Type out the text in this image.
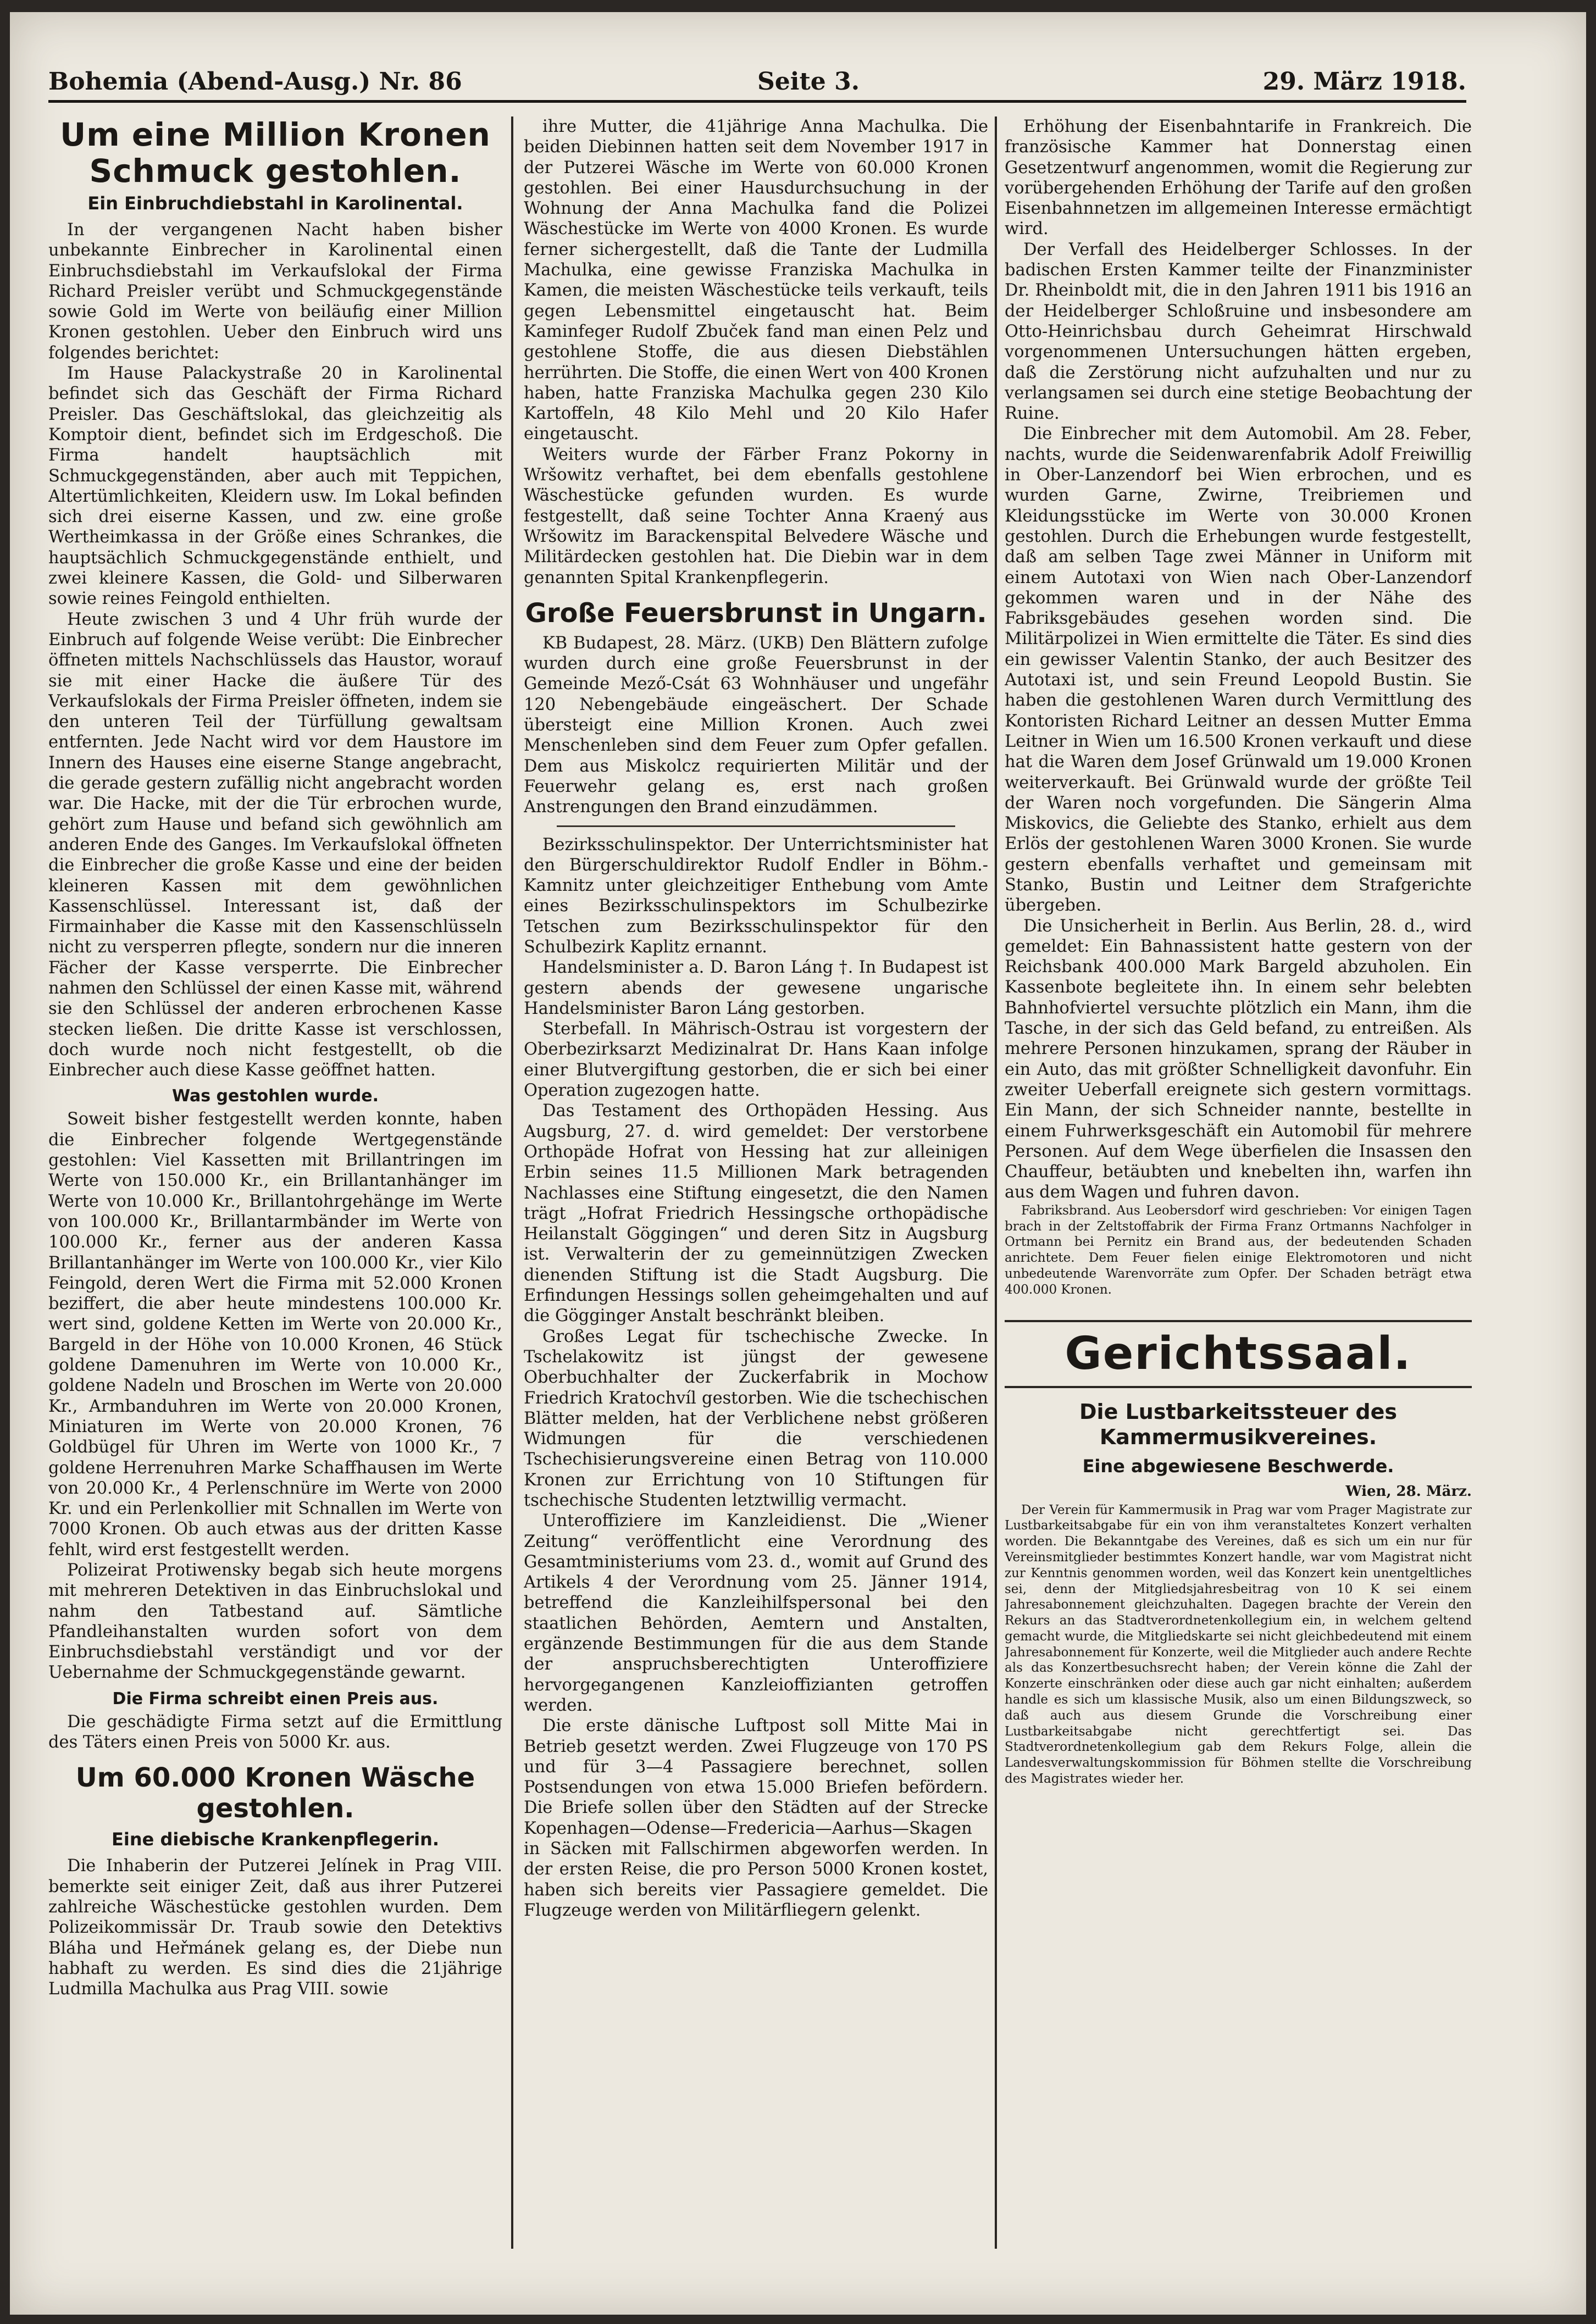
Bohemia (Abend-Ausg.) Nr. 86	Seite 3.	29. März 1918.
Um eine Million Kronen Schmuck gestohlen.
Ein Einbruchdiebstahl in Karolinental.

In der vergangenen Nacht haben bisher unbekannte Einbrecher in Karolinental einen Einbruchsdiebstahl im Verkaufslokal der Firma Richard Preisler verübt und Schmuckgegenstände sowie Gold im Werte von beiläufig einer Million Kronen gestohlen. Ueber den Einbruch wird uns folgendes berichtet:

Im Hause Palackystraße 20 in Karolinental befindet sich das Geschäft der Firma Richard Preisler. Das Geschäftslokal, das gleichzeitig als Komptoir dient, befindet sich im Erdgeschoß. Die Firma handelt hauptsächlich mit Schmuckgegenständen, aber auch mit Teppichen, Altertümlichkeiten, Kleidern usw. Im Lokal befinden sich drei eiserne Kassen, und zw. eine große Wertheimkassa in der Größe eines Schrankes, die hauptsächlich Schmuckgegenstände enthielt, und zwei kleinere Kassen, die Gold- und Silberwaren sowie reines Feingold enthielten.

Heute zwischen 3 und 4 Uhr früh wurde der Einbruch auf folgende Weise verübt: Die Einbrecher öffneten mittels Nachschlüssels das Haustor, worauf sie mit einer Hacke die äußere Tür des Verkaufslokals der Firma Preisler öffneten, indem sie den unteren Teil der Türfüllung gewaltsam entfernten. Jede Nacht wird vor dem Haustore im Innern des Hauses eine eiserne Stange angebracht, die gerade gestern zufällig nicht angebracht worden war. Die Hacke, mit der die Tür erbrochen wurde, gehört zum Hause und befand sich gewöhnlich am anderen Ende des Ganges. Im Verkaufslokal öffneten die Einbrecher die große Kasse und eine der beiden kleineren Kassen mit dem gewöhnlichen Kassenschlüssel. Interessant ist, daß der Firmainhaber die Kasse mit den Kassenschlüsseln nicht zu versperren pflegte, sondern nur die inneren Fächer der Kasse versperrte. Die Einbrecher nahmen den Schlüssel der einen Kasse mit, während sie den Schlüssel der anderen erbrochenen Kasse stecken ließen. Die dritte Kasse ist verschlossen, doch wurde noch nicht festgestellt, ob die Einbrecher auch diese Kasse geöffnet hatten.

Was gestohlen wurde.

Soweit bisher festgestellt werden konnte, haben die Einbrecher folgende Wertgegenstände gestohlen: Viel Kassetten mit Brillantringen im Werte von 150.000 Kr., ein Brillantanhänger im Werte von 10.000 Kr., Brillantohrgehänge im Werte von 100.000 Kr., Brillantarmbänder im Werte von 100.000 Kr., ferner aus der anderen Kassa Brillantanhänger im Werte von 100.000 Kr., vier Kilo Feingold, deren Wert die Firma mit 52.000 Kronen beziffert, die aber heute mindestens 100.000 Kr. wert sind, goldene Ketten im Werte von 20.000 Kr., Bargeld in der Höhe von 10.000 Kronen, 46 Stück goldene Damenuhren im Werte von 10.000 Kr., goldene Nadeln und Broschen im Werte von 20.000 Kr., Armbanduhren im Werte von 20.000 Kronen, Miniaturen im Werte von 20.000 Kronen, 76 Goldbügel für Uhren im Werte von 1000 Kr., 7 goldene Herrenuhren Marke Schaffhausen im Werte von 20.000 Kr., 4 Perlenschnüre im Werte von 2000 Kr. und ein Perlenkollier mit Schnallen im Werte von 7000 Kronen. Ob auch etwas aus der dritten Kasse fehlt, wird erst festgestellt werden.

Polizeirat Protiwensky begab sich heute morgens mit mehreren Detektiven in das Einbruchslokal und nahm den Tatbestand auf. Sämtliche Pfandleihanstalten wurden sofort von dem Einbruchsdiebstahl verständigt und vor der Uebernahme der Schmuckgegenstände gewarnt.

Die Firma schreibt einen Preis aus.

Die geschädigte Firma setzt auf die Ermittlung des Täters einen Preis von 5000 Kr. aus.

Um 60.000 Kronen Wäsche gestohlen.
Eine diebische Krankenpflegerin.

Die Inhaberin der Putzerei Jelínek in Prag VIII. bemerkte seit einiger Zeit, daß aus ihrer Putzerei zahlreiche Wäschestücke gestohlen wurden. Dem Polizeikommissär Dr. Traub sowie den Detektivs Bláha und Heřmánek gelang es, der Diebe nun habhaft zu werden. Es sind dies die 21jährige Ludmilla Machulka aus Prag VIII. sowie

ihre Mutter, die 41jährige Anna Machulka. Die beiden Diebinnen hatten seit dem November 1917 in der Putzerei Wäsche im Werte von 60.000 Kronen gestohlen. Bei einer Hausdurchsuchung in der Wohnung der Anna Machulka fand die Polizei Wäschestücke im Werte von 4000 Kronen. Es wurde ferner sichergestellt, daß die Tante der Ludmilla Machulka, eine gewisse Franziska Machulka in Kamen, die meisten Wäschestücke teils verkauft, teils gegen Lebensmittel eingetauscht hat. Beim Kaminfeger Rudolf Zbuček fand man einen Pelz und gestohlene Stoffe, die aus diesen Diebstählen herrührten. Die Stoffe, die einen Wert von 400 Kronen haben, hatte Franziska Machulka gegen 230 Kilo Kartoffeln, 48 Kilo Mehl und 20 Kilo Hafer eingetauscht.

Weiters wurde der Färber Franz Pokorny in Wršowitz verhaftet, bei dem ebenfalls gestohlene Wäschestücke gefunden wurden. Es wurde festgestellt, daß seine Tochter Anna Kraený aus Wršowitz im Barackenspital Belvedere Wäsche und Militärdecken gestohlen hat. Die Diebin war in dem genannten Spital Krankenpflegerin.

Große Feuersbrunst in Ungarn.

KB Budapest, 28. März. (UKB) Den Blättern zufolge wurden durch eine große Feuersbrunst in der Gemeinde Mező-Csát 63 Wohnhäuser und ungefähr 120 Nebengebäude eingeäschert. Der Schade übersteigt eine Million Kronen. Auch zwei Menschenleben sind dem Feuer zum Opfer gefallen. Dem aus Miskolcz requirierten Militär und der Feuerwehr gelang es, erst nach großen Anstrengungen den Brand einzudämmen.

Bezirksschulinspektor. Der Unterrichtsminister hat den Bürgerschuldirektor Rudolf Endler in Böhm.-Kamnitz unter gleichzeitiger Enthebung vom Amte eines Bezirksschulinspektors im Schulbezirke Tetschen zum Bezirksschulinspektor für den Schulbezirk Kaplitz ernannt.

Handelsminister a. D. Baron Láng †. In Budapest ist gestern abends der gewesene ungarische Handelsminister Baron Láng gestorben.

Sterbefall. In Mährisch-Ostrau ist vorgestern der Oberbezirksarzt Medizinalrat Dr. Hans Kaan infolge einer Blutvergiftung gestorben, die er sich bei einer Operation zugezogen hatte.

Das Testament des Orthopäden Hessing. Aus Augsburg, 27. d. wird gemeldet: Der verstorbene Orthopäde Hofrat von Hessing hat zur alleinigen Erbin seines 11.5 Millionen Mark betragenden Nachlasses eine Stiftung eingesetzt, die den Namen trägt „Hofrat Friedrich Hessingsche orthopädische Heilanstalt Göggingen“ und deren Sitz in Augsburg ist. Verwalterin der zu gemeinnützigen Zwecken dienenden Stiftung ist die Stadt Augsburg. Die Erfindungen Hessings sollen geheimgehalten und auf die Gögginger Anstalt beschränkt bleiben.

Großes Legat für tschechische Zwecke. In Tschelakowitz ist jüngst der gewesene Oberbuchhalter der Zuckerfabrik in Mochow Friedrich Kratochvíl gestorben. Wie die tschechischen Blätter melden, hat der Verblichene nebst größeren Widmungen für die verschiedenen Tschechisierungsvereine einen Betrag von 110.000 Kronen zur Errichtung von 10 Stiftungen für tschechische Studenten letztwillig vermacht.

Unteroffiziere im Kanzleidienst. Die „Wiener Zeitung“ veröffentlicht eine Verordnung des Gesamtministeriums vom 23. d., womit auf Grund des Artikels 4 der Verordnung vom 25. Jänner 1914, betreffend die Kanzleihilfspersonal bei den staatlichen Behörden, Aemtern und Anstalten, ergänzende Bestimmungen für die aus dem Stande der anspruchsberechtigten Unteroffiziere hervorgegangenen Kanzleioffizianten getroffen werden.

Die erste dänische Luftpost soll Mitte Mai in Betrieb gesetzt werden. Zwei Flugzeuge von 170 PS und für 3—4 Passagiere berechnet, sollen Postsendungen von etwa 15.000 Briefen befördern. Die Briefe sollen über den Städten auf der Strecke Kopenhagen—Odense—Fredericia—Aarhus—Skagen in Säcken mit Fallschirmen abgeworfen werden. In der ersten Reise, die pro Person 5000 Kronen kostet, haben sich bereits vier Passagiere gemeldet. Die Flugzeuge werden von Militärfliegern gelenkt.

Erhöhung der Eisenbahntarife in Frankreich. Die französische Kammer hat Donnerstag einen Gesetzentwurf angenommen, womit die Regierung zur vorübergehenden Erhöhung der Tarife auf den großen Eisenbahnnetzen im allgemeinen Interesse ermächtigt wird.

Der Verfall des Heidelberger Schlosses. In der badischen Ersten Kammer teilte der Finanzminister Dr. Rheinboldt mit, die in den Jahren 1911 bis 1916 an der Heidelberger Schloßruine und insbesondere am Otto-Heinrichsbau durch Geheimrat Hirschwald vorgenommenen Untersuchungen hätten ergeben, daß die Zerstörung nicht aufzuhalten und nur zu verlangsamen sei durch eine stetige Beobachtung der Ruine.

Die Einbrecher mit dem Automobil. Am 28. Feber, nachts, wurde die Seidenwarenfabrik Adolf Freiwillig in Ober-Lanzendorf bei Wien erbrochen, und es wurden Garne, Zwirne, Treibriemen und Kleidungsstücke im Werte von 30.000 Kronen gestohlen. Durch die Erhebungen wurde festgestellt, daß am selben Tage zwei Männer in Uniform mit einem Autotaxi von Wien nach Ober-Lanzendorf gekommen waren und in der Nähe des Fabriksgebäudes gesehen worden sind. Die Militärpolizei in Wien ermittelte die Täter. Es sind dies ein gewisser Valentin Stanko, der auch Besitzer des Autotaxi ist, und sein Freund Leopold Bustin. Sie haben die gestohlenen Waren durch Vermittlung des Kontoristen Richard Leitner an dessen Mutter Emma Leitner in Wien um 16.500 Kronen verkauft und diese hat die Waren dem Josef Grünwald um 19.000 Kronen weiterverkauft. Bei Grünwald wurde der größte Teil der Waren noch vorgefunden. Die Sängerin Alma Miskovics, die Geliebte des Stanko, erhielt aus dem Erlös der gestohlenen Waren 3000 Kronen. Sie wurde gestern ebenfalls verhaftet und gemeinsam mit Stanko, Bustin und Leitner dem Strafgerichte übergeben.

Die Unsicherheit in Berlin. Aus Berlin, 28. d., wird gemeldet: Ein Bahnassistent hatte gestern von der Reichsbank 400.000 Mark Bargeld abzuholen. Ein Kassenbote begleitete ihn. In einem sehr belebten Bahnhofviertel versuchte plötzlich ein Mann, ihm die Tasche, in der sich das Geld befand, zu entreißen. Als mehrere Personen hinzukamen, sprang der Räuber in ein Auto, das mit größter Schnelligkeit davonfuhr. Ein zweiter Ueberfall ereignete sich gestern vormittags. Ein Mann, der sich Schneider nannte, bestellte in einem Fuhrwerksgeschäft ein Automobil für mehrere Personen. Auf dem Wege überfielen die Insassen den Chauffeur, betäubten und knebelten ihn, warfen ihn aus dem Wagen und fuhren davon.

Fabriksbrand. Aus Leobersdorf wird geschrieben: Vor einigen Tagen brach in der Zeltstoffabrik der Firma Franz Ortmanns Nachfolger in Ortmann bei Pernitz ein Brand aus, der bedeutenden Schaden anrichtete. Dem Feuer fielen einige Elektromotoren und nicht unbedeutende Warenvorräte zum Opfer. Der Schaden beträgt etwa 400.000 Kronen.

Gerichtssaal.
Die Lustbarkeitssteuer des Kammermusikvereines.
Eine abgewiesene Beschwerde.
Wien, 28. März.

Der Verein für Kammermusik in Prag war vom Prager Magistrate zur Lustbarkeitsabgabe für ein von ihm veranstaltetes Konzert verhalten worden. Die Bekanntgabe des Vereines, daß es sich um ein nur für Vereinsmitglieder bestimmtes Konzert handle, war vom Magistrat nicht zur Kenntnis genommen worden, weil das Konzert kein unentgeltliches sei, denn der Mitgliedsjahresbeitrag von 10 K sei einem Jahresabonnement gleichzuhalten. Dagegen brachte der Verein den Rekurs an das Stadtverordnetenkollegium ein, in welchem geltend gemacht wurde, die Mitgliedskarte sei nicht gleichbedeutend mit einem Jahresabonnement für Konzerte, weil die Mitglieder auch andere Rechte als das Konzertbesuchsrecht haben; der Verein könne die Zahl der Konzerte einschränken oder diese auch gar nicht einhalten; außerdem handle es sich um klassische Musik, also um einen Bildungszweck, so daß auch aus diesem Grunde die Vorschreibung einer Lustbarkeitsabgabe nicht gerechtfertigt sei. Das Stadtverordnetenkollegium gab dem Rekurs Folge, allein die Landesverwaltungskommission für Böhmen stellte die Vorschreibung des Magistrates wieder her.
